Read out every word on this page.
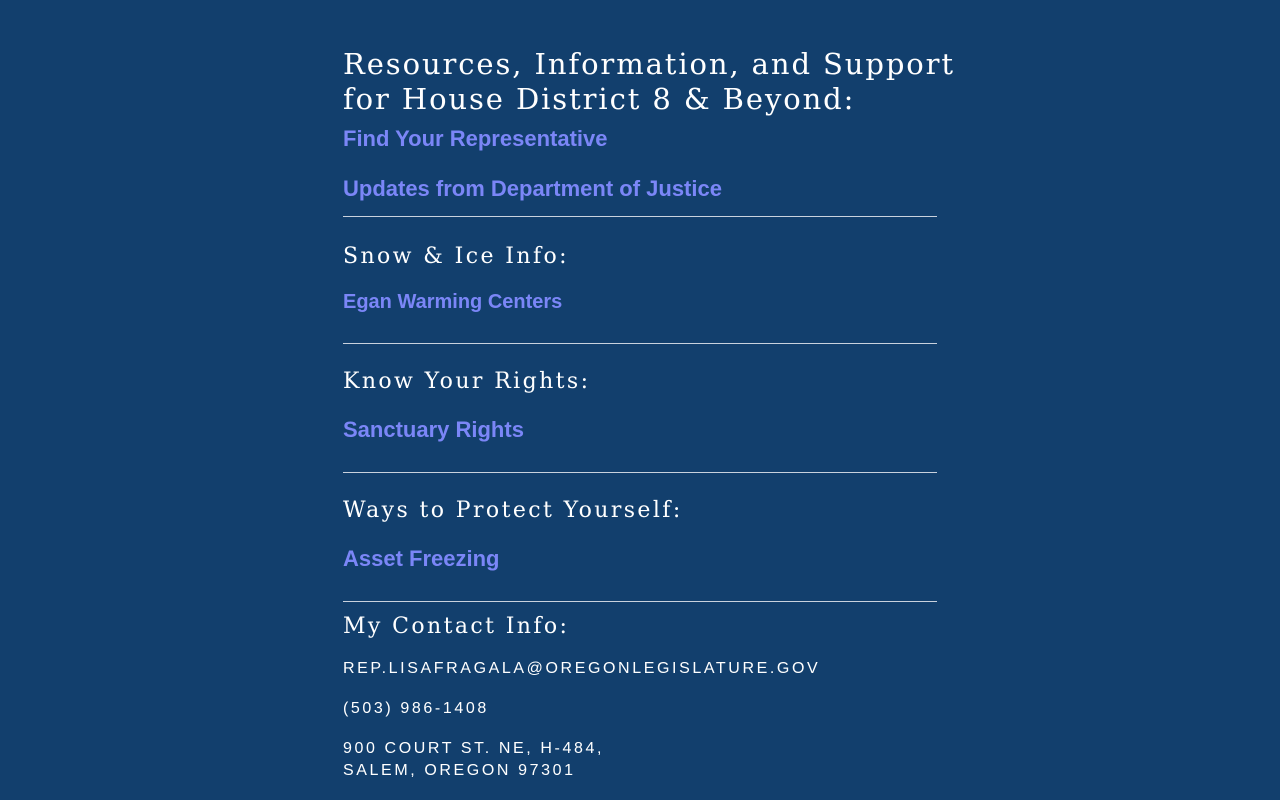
Resources, Information, and Support
for House District 8 & Beyond:
Find Your Representative
Updates from Department of Justice
Snow & Ice Info:
Egan Warming Centers
Know Your Rights:
Sanctuary Rights
Ways to Protect Yourself:
Asset Freezing
My Contact Info:
REP.LISAFRAGALA@OREGONLEGISLATURE.GOV
(503) 986-1408
900 COURT ST. NE, H-484,
SALEM, OREGON 97301
